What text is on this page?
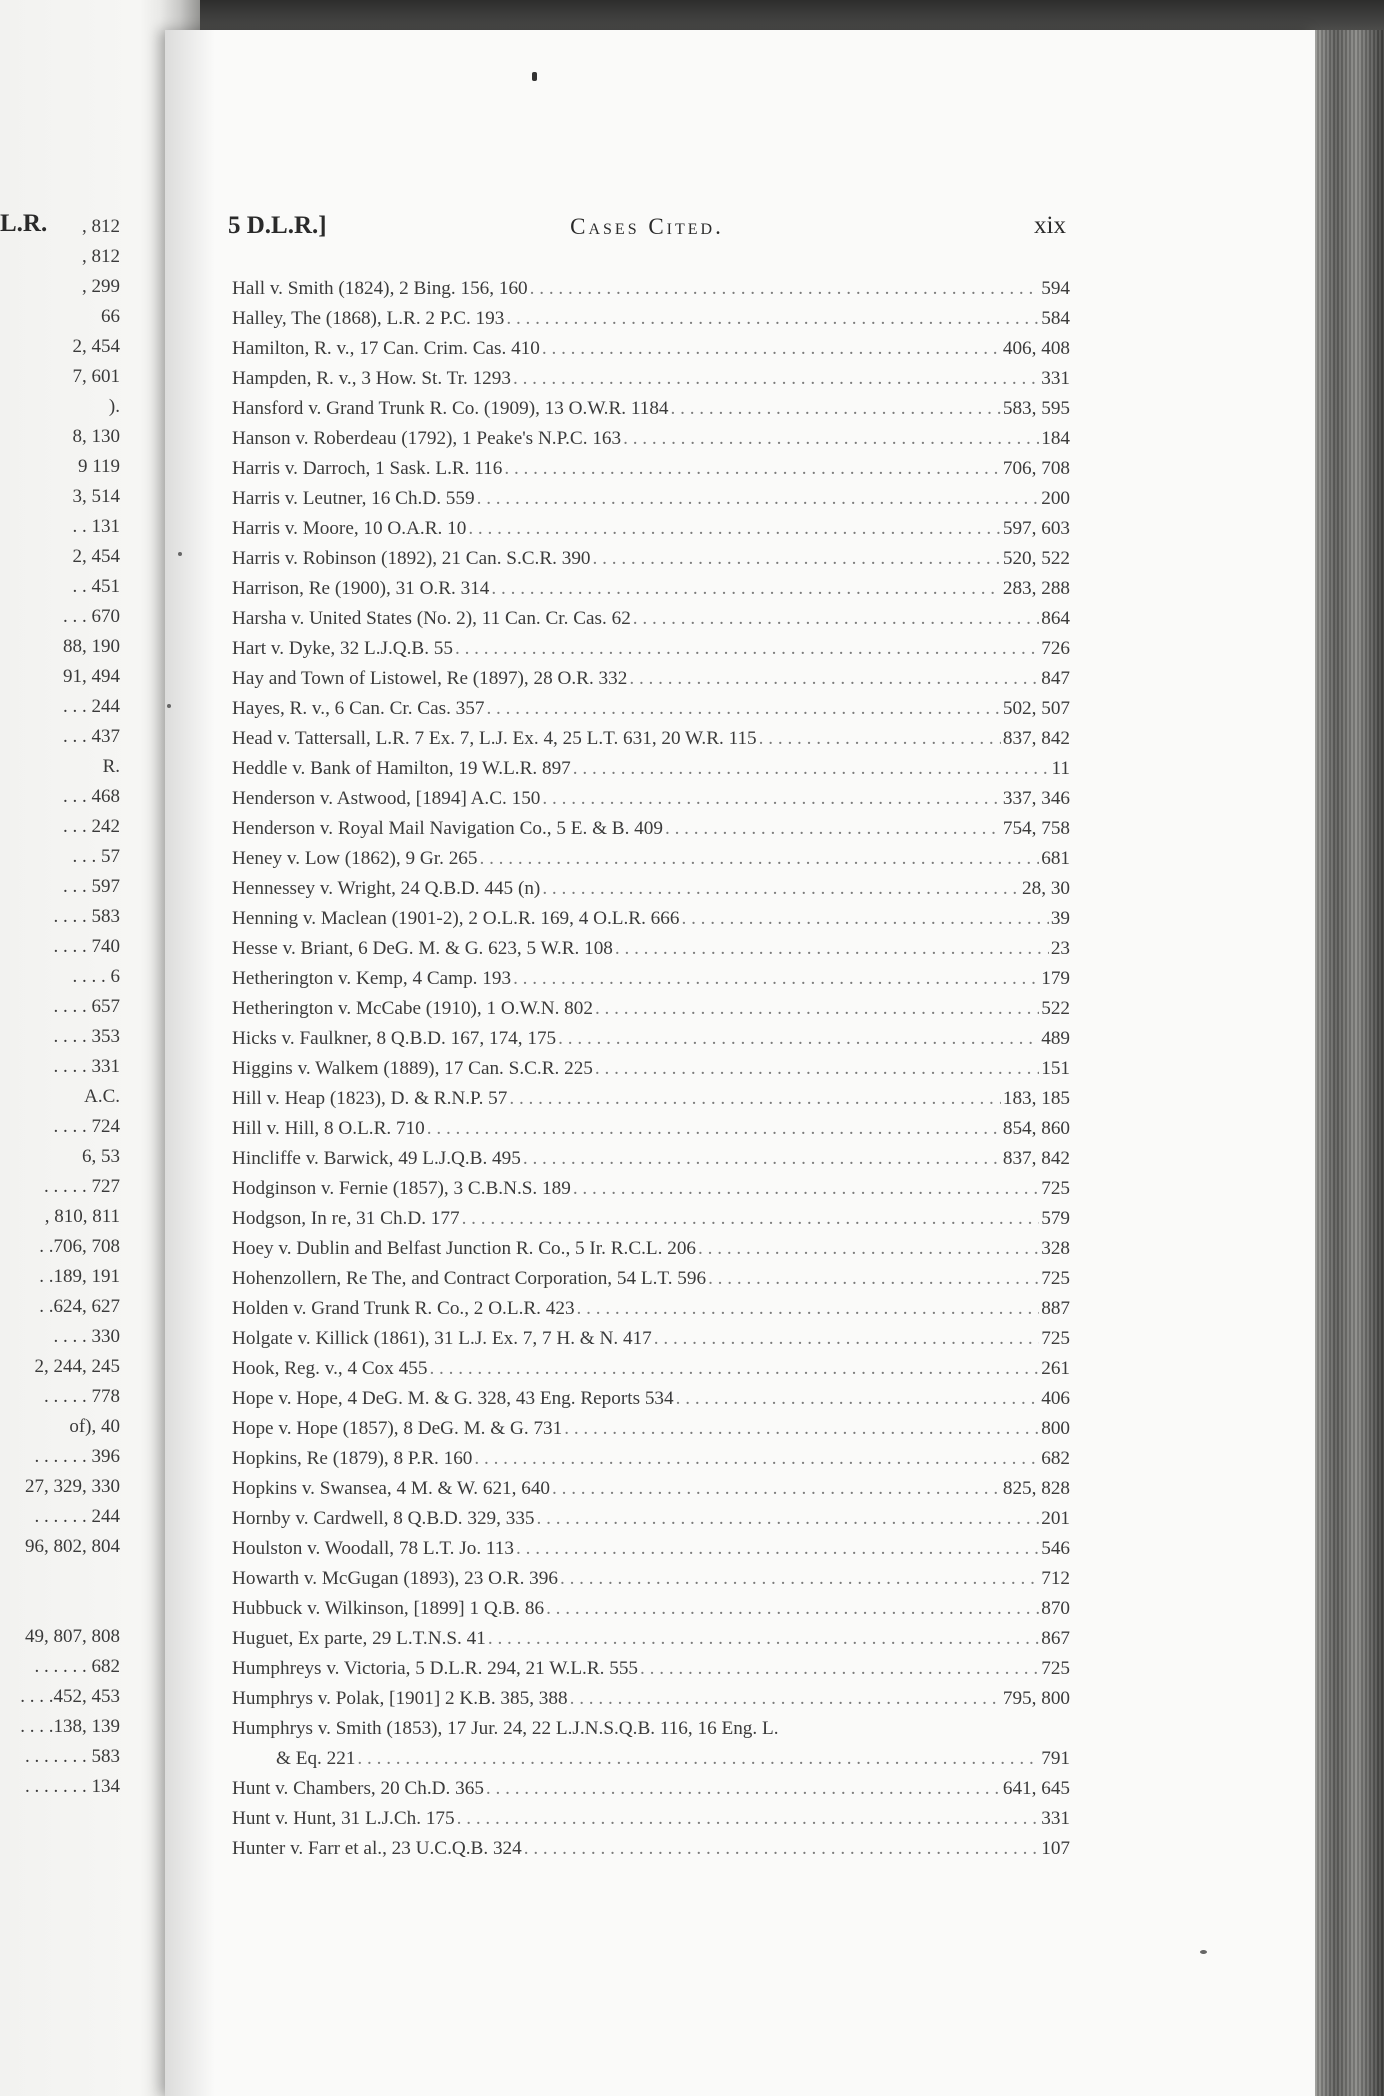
L.R.	, 812
, 812
, 299
66
2, 454
7, 601
).
8, 130
9 119
3, 514
. . 131
2, 454
. . 451
. . . 670
88, 190
91, 494
. . . 244
. . . 437
R.
. . . 468
. . . 242
. . . 57
. . . 597
. . . . 583
. . . . 740
. . . . 6
. . . . 657
. . . . 353
. . . . 331
A.C.
. . . . 724
6, 53
. . . . . 727
, 810, 811
. .706, 708
. .189, 191
. .624, 627
. . . . 330
2, 244, 245
. . . . . 778
of), 40
. . . . . . 396
27, 329, 330
. . . . . . 244
96, 802, 804
49, 807, 808
. . . . . . 682
. . . .452, 453
. . . .138, 139
. . . . . . . 583
. . . . . . . 134
5 D.L.R.]	Cases Cited.	xix
Hall v. Smith (1824), 2 Bing. 156, 160 . . .	594
Halley, The (1868), L.R. 2 P.C. 193 . . .	584
Hamilton, R. v., 17 Can. Crim. Cas. 410 . . .	406, 408
Hampden, R. v., 3 How. St. Tr. 1293 . . .	331
Hansford v. Grand Trunk R. Co. (1909), 13 O.W.R. 1184 . . .	583, 595
Hanson v. Roberdeau (1792), 1 Peake's N.P.C. 163 . . .	184
Harris v. Darroch, 1 Sask. L.R. 116 . . .	706, 708
Harris v. Leutner, 16 Ch.D. 559 . . .	200
Harris v. Moore, 10 O.A.R. 10 . . .	597, 603
Harris v. Robinson (1892), 21 Can. S.C.R. 390 . . .	520, 522
Harrison, Re (1900), 31 O.R. 314 . . .	283, 288
Harsha v. United States (No. 2), 11 Can. Cr. Cas. 62 . . .	864
Hart v. Dyke, 32 L.J.Q.B. 55 . . .	726
Hay and Town of Listowel, Re (1897), 28 O.R. 332 . . .	847
Hayes, R. v., 6 Can. Cr. Cas. 357 . . .	502, 507
Head v. Tattersall, L.R. 7 Ex. 7, L.J. Ex. 4, 25 L.T. 631, 20 W.R. 115 . . .	837, 842
Heddle v. Bank of Hamilton, 19 W.L.R. 897 . . .	11
Henderson v. Astwood, [1894] A.C. 150 . . .	337, 346
Henderson v. Royal Mail Navigation Co., 5 E. & B. 409 . . .	754, 758
Heney v. Low (1862), 9 Gr. 265 . . .	681
Hennessey v. Wright, 24 Q.B.D. 445 (n) . . .	28, 30
Henning v. Maclean (1901-2), 2 O.L.R. 169, 4 O.L.R. 666 . . .	39
Hesse v. Briant, 6 DeG. M. & G. 623, 5 W.R. 108 . . .	23
Hetherington v. Kemp, 4 Camp. 193 . . .	179
Hetherington v. McCabe (1910), 1 O.W.N. 802 . . .	522
Hicks v. Faulkner, 8 Q.B.D. 167, 174, 175 . . .	489
Higgins v. Walkem (1889), 17 Can. S.C.R. 225 . . .	151
Hill v. Heap (1823), D. & R.N.P. 57 . . .	183, 185
Hill v. Hill, 8 O.L.R. 710 . . .	854, 860
Hincliffe v. Barwick, 49 L.J.Q.B. 495 . . .	837, 842
Hodginson v. Fernie (1857), 3 C.B.N.S. 189 . . .	725
Hodgson, In re, 31 Ch.D. 177 . . .	579
Hoey v. Dublin and Belfast Junction R. Co., 5 Ir. R.C.L. 206 . . .	328
Hohenzollern, Re The, and Contract Corporation, 54 L.T. 596 . . .	725
Holden v. Grand Trunk R. Co., 2 O.L.R. 423 . . .	887
Holgate v. Killick (1861), 31 L.J. Ex. 7, 7 H. & N. 417 . . .	725
Hook, Reg. v., 4 Cox 455 . . .	261
Hope v. Hope, 4 DeG. M. & G. 328, 43 Eng. Reports 534 . . .	406
Hope v. Hope (1857), 8 DeG. M. & G. 731 . . .	800
Hopkins, Re (1879), 8 P.R. 160 . . .	682
Hopkins v. Swansea, 4 M. & W. 621, 640 . . .	825, 828
Hornby v. Cardwell, 8 Q.B.D. 329, 335 . . .	201
Houlston v. Woodall, 78 L.T. Jo. 113 . . .	546
Howarth v. McGugan (1893), 23 O.R. 396 . . .	712
Hubbuck v. Wilkinson, [1899] 1 Q.B. 86 . . .	870
Huguet, Ex parte, 29 L.T.N.S. 41 . . .	867
Humphreys v. Victoria, 5 D.L.R. 294, 21 W.L.R. 555 . . .	725
Humphrys v. Polak, [1901] 2 K.B. 385, 388 . . .	795, 800
Humphrys v. Smith (1853), 17 Jur. 24, 22 L.J.N.S.Q.B. 116, 16 Eng. L.
& Eq. 221 . . .	791
Hunt v. Chambers, 20 Ch.D. 365 . . .	641, 645
Hunt v. Hunt, 31 L.J.Ch. 175 . . .	331
Hunter v. Farr et al., 23 U.C.Q.B. 324 . . .	107
